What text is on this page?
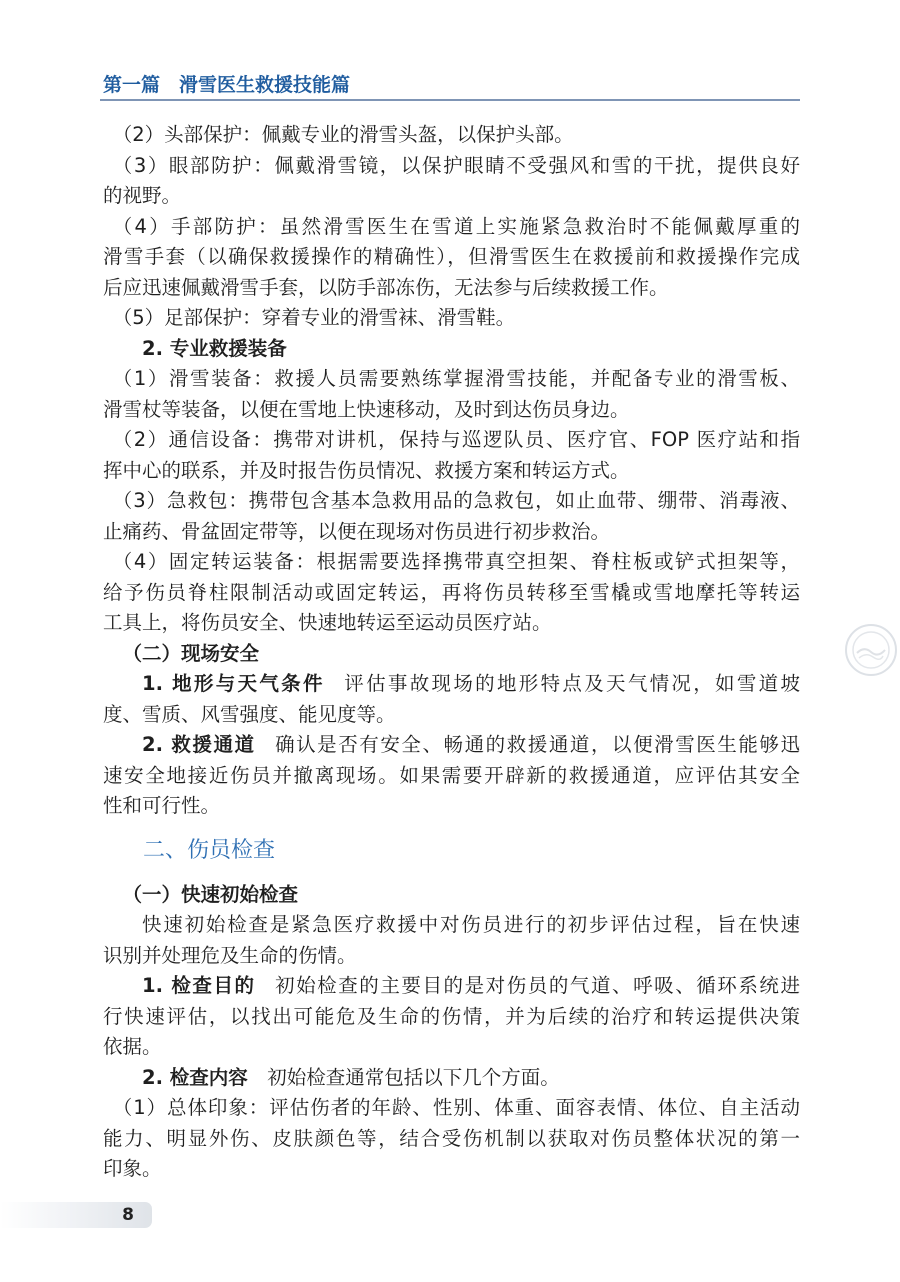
第一篇　滑雪医生救援技能篇
（2）头部保护：佩戴专业的滑雪头盔，以保护头部。
（3）眼部防护：佩戴滑雪镜，以保护眼睛不受强风和雪的干扰，提供良好
的视野。
（4）手部防护：虽然滑雪医生在雪道上实施紧急救治时不能佩戴厚重的
滑雪手套（以确保救援操作的精确性），但滑雪医生在救援前和救援操作完成
后应迅速佩戴滑雪手套，以防手部冻伤，无法参与后续救援工作。
（5）足部保护：穿着专业的滑雪袜、滑雪鞋。
2. 专业救援装备
（1）滑雪装备：救援人员需要熟练掌握滑雪技能，并配备专业的滑雪板、
滑雪杖等装备，以便在雪地上快速移动，及时到达伤员身边。
（2）通信设备：携带对讲机，保持与巡逻队员、医疗官、FOP 医疗站和指
挥中心的联系，并及时报告伤员情况、救援方案和转运方式。
（3）急救包：携带包含基本急救用品的急救包，如止血带、绷带、消毒液、
止痛药、骨盆固定带等，以便在现场对伤员进行初步救治。
（4）固定转运装备：根据需要选择携带真空担架、脊柱板或铲式担架等，
给予伤员脊柱限制活动或固定转运，再将伤员转移至雪橇或雪地摩托等转运
工具上，将伤员安全、快速地转运至运动员医疗站。
（二）现场安全
1. 地形与天气条件 评估事故现场的地形特点及天气情况，如雪道坡
度、雪质、风雪强度、能见度等。
2. 救援通道 确认是否有安全、畅通的救援通道，以便滑雪医生能够迅
速安全地接近伤员并撤离现场。如果需要开辟新的救援通道，应评估其安全
性和可行性。
二、伤员检查
（一）快速初始检查
快速初始检查是紧急医疗救援中对伤员进行的初步评估过程，旨在快速
识别并处理危及生命的伤情。
1. 检查目的 初始检查的主要目的是对伤员的气道、呼吸、循环系统进
行快速评估，以找出可能危及生命的伤情，并为后续的治疗和转运提供决策
依据。
2. 检查内容 初始检查通常包括以下几个方面。
（1）总体印象：评估伤者的年龄、性别、体重、面容表情、体位、自主活动
能力、明显外伤、皮肤颜色等，结合受伤机制以获取对伤员整体状况的第一
印象。
8
